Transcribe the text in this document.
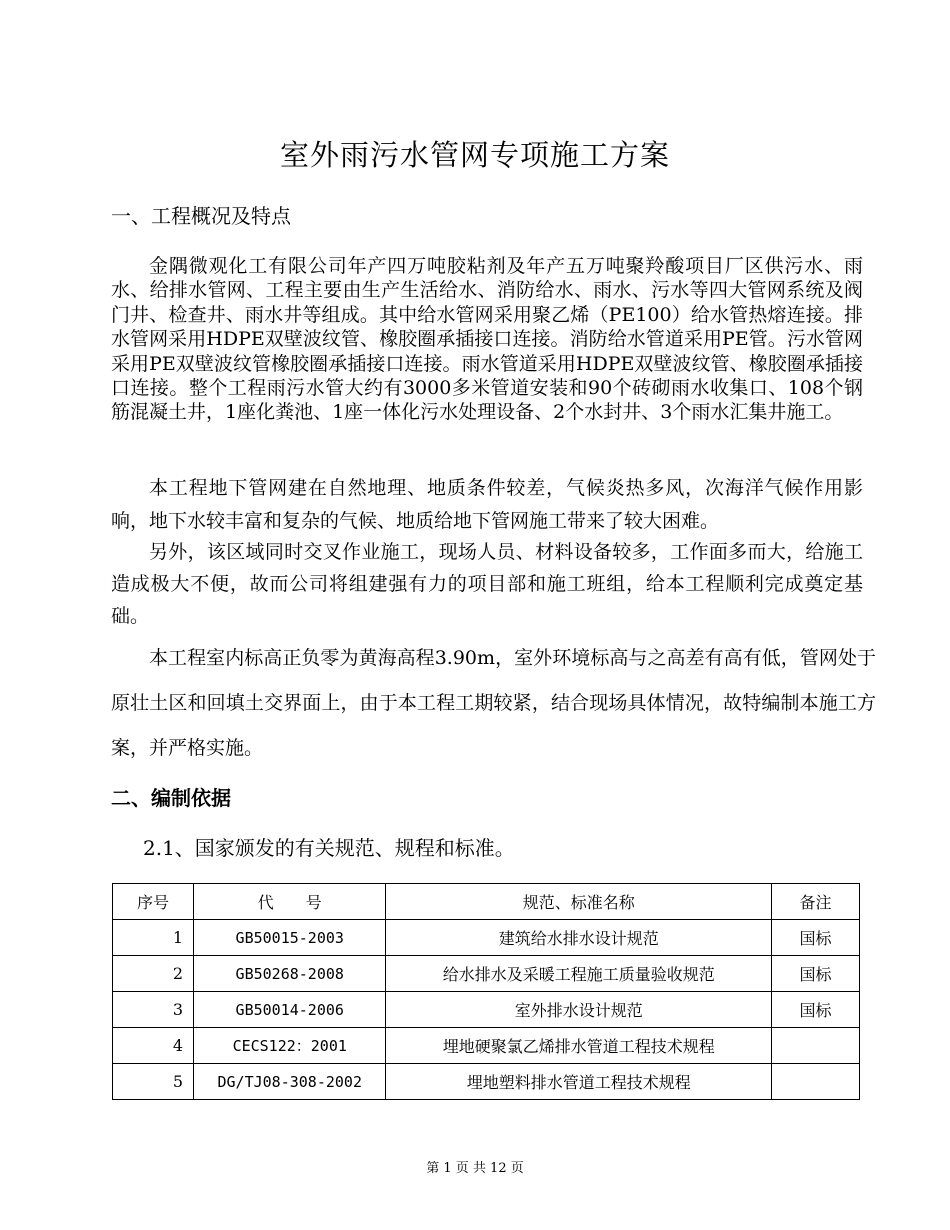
室外雨污水管网专项施工方案
一、工程概况及特点

金隅微观化工有限公司年产四万吨胶粘剂及年产五万吨聚羚酸项目厂区供污水、雨水、给排水管网、工程主要由生产生活给水、消防给水、雨水、污水等四大管网系统及阀门井、检查井、雨水井等组成。其中给水管网采用聚乙烯（PE100）给水管热熔连接。排水管网采用HDPE双壁波纹管、橡胶圈承插接口连接。消防给水管道采用PE管。污水管网采用PE双壁波纹管橡胶圈承插接口连接。雨水管道采用HDPE双壁波纹管、橡胶圈承插接口连接。整个工程雨污水管大约有3000多米管道安装和90个砖砌雨水收集口、108个钢筋混凝土井，1座化粪池、1座一体化污水处理设备、2个水封井、3个雨水汇集井施工。

本工程地下管网建在自然地理、地质条件较差，气候炎热多风，次海洋气候作用影响，地下水较丰富和复杂的气候、地质给地下管网施工带来了较大困难。

另外，该区域同时交叉作业施工，现场人员、材料设备较多，工作面多而大，给施工造成极大不便，故而公司将组建强有力的项目部和施工班组，给本工程顺利完成奠定基础。

本工程室内标高正负零为黄海高程3.90m，室外环境标高与之高差有高有低，管网处于原壮土区和回填土交界面上，由于本工程工期较紧，结合现场具体情况，故特编制本施工方案，并严格实施。

二、编制依据
2.1、国家颁发的有关规范、规程和标准。
序号	代　　号	规范、标准名称	备注
1	GB50015-2003	建筑给水排水设计规范	国标
2	GB50268-2008	给水排水及采暖工程施工质量验收规范	国标
3	GB50014-2006	室外排水设计规范	国标
4	CECS122：2001	埋地硬聚氯乙烯排水管道工程技术规程	
5	DG/TJ08-308-2002	埋地塑料排水管道工程技术规程	
第 1 页 共 12 页
